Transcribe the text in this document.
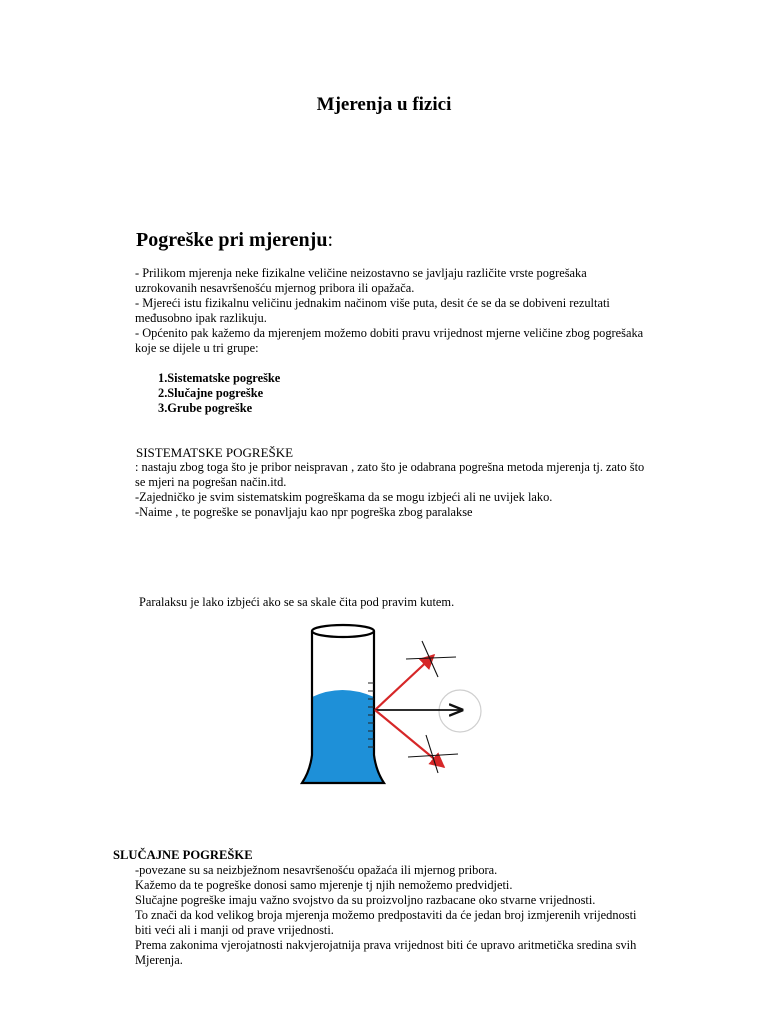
Mjerenja u fizici
Pogreške pri mjerenju:
- Prilikom mjerenja neke fizikalne veličine neizostavno se javljaju različite vrste pogrešaka
uzrokovanih nesavršenošću mjernog pribora ili opažača.
- Mjereći istu fizikalnu veličinu jednakim načinom više puta, desit će se da se dobiveni rezultati
međusobno ipak razlikuju.
- Općenito pak kažemo da mjerenjem možemo dobiti pravu vrijednost mjerne veličine zbog pogrešaka
koje se dijele u tri grupe:
1.Sistematske pogreške
2.Slučajne pogreške
3.Grube pogreške
SISTEMATSKE POGREŠKE
: nastaju zbog toga što je pribor neispravan , zato što je odabrana pogrešna metoda mjerenja tj. zato što
se mjeri na pogrešan način.itd.
-Zajedničko je svim sistematskim pogreškama da se mogu izbjeći ali ne uvijek lako.
-Naime , te pogreške se ponavljaju kao npr pogreška zbog paralakse
Paralaksu je lako izbjeći ako se sa skale čita pod pravim kutem.
SLUČAJNE POGREŠKE
-povezane su sa neizbježnom nesavršenošću opažaća ili mjernog pribora.
Kažemo da te pogreške donosi samo mjerenje tj njih nemožemo predvidjeti.
Slučajne pogreške imaju važno svojstvo da su proizvoljno razbacane oko stvarne vrijednosti.
To znači da kod velikog broja mjerenja možemo predpostaviti da će jedan broj izmjerenih vrijednosti
biti veći ali i manji od prave vrijednosti.
Prema zakonima vjerojatnosti nakvjerojatnija prava vrijednost biti će upravo aritmetička sredina svih
Mjerenja.
